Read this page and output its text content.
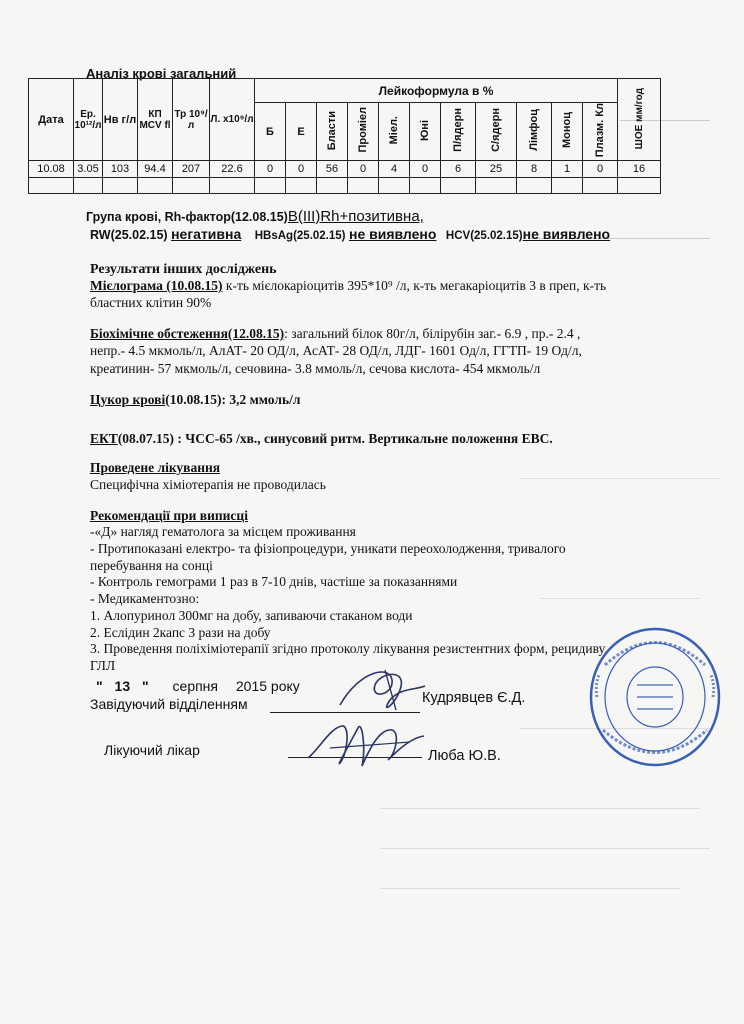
Аналіз крові загальний
Дата	Ер. 10¹²/л	Нв г/л	КП MCV fl	Тр 10⁹/л	Л. х10⁹/л	Лейкоформула в %											ШОЕ мм/год
						Б	Е	Бласти	Проміел	Міел.	Юні	П/ядерн	С/ядерн	Лімфоц	Моноц	Плазм. Кл	
10.08	3.05	103	94.4	207	22.6	0	0	56	0	4	0	6	25	8	1	0	16

Група крові, Rh-фактор(12.08.15)В(ІІІ)Rh+позитивна,
RW(25.02.15) негативна HBsAg(25.02.15) не виявлено HCV(25.02.15)не виявлено
Результати інших досліджень
Мієлограма (10.08.15) к-ть мієлокаріоцитів 395*10⁹ /л, к-ть мегакаріоцитів 3 в преп, к-ть
бластних клітин 90%
Біохімічне обстеження(12.08.15): загальний білок 80г/л, білірубін заг.- 6.9 , пр.- 2.4 ,
непр.- 4.5 мкмоль/л, АлАТ- 20 ОД/л, АсАТ- 28 ОД/л, ЛДГ- 1601 Од/л, ГГТП- 19 Од/л,
креатинин- 57 мкмоль/л, сечовина- 3.8 ммоль/л, сечова кислота- 454 мкмоль/л
Цукор крові(10.08.15): 3,2 ммоль/л
ЕКТ(08.07.15) : ЧСС-65 /хв., синусовий ритм. Вертикальне положення ЕВС.
Проведене лікування
Специфічна хіміотерапія не проводилась
Рекомендації при виписці
-«Д» нагляд гематолога за місцем проживання
- Протипоказані електро- та фізіопроцедури, уникати переохолодження, тривалого
перебування на сонці
- Контроль гемограми 1 раз в 7-10 днів, частіше за показаннями
- Медикаментозно:
1. Алопуринол 300мг на добу, запиваючи стаканом води
2. Еслідин 2капс 3 рази на добу
3. Проведення поліхіміотерапії згідно протоколу лікування резистентних форм, рецидиву
ГЛЛ
" 13 " серпня 2015 року
Завідуючий відділенням	Кудрявцев Є.Д.
Лікуючий лікар	Люба Ю.В.
